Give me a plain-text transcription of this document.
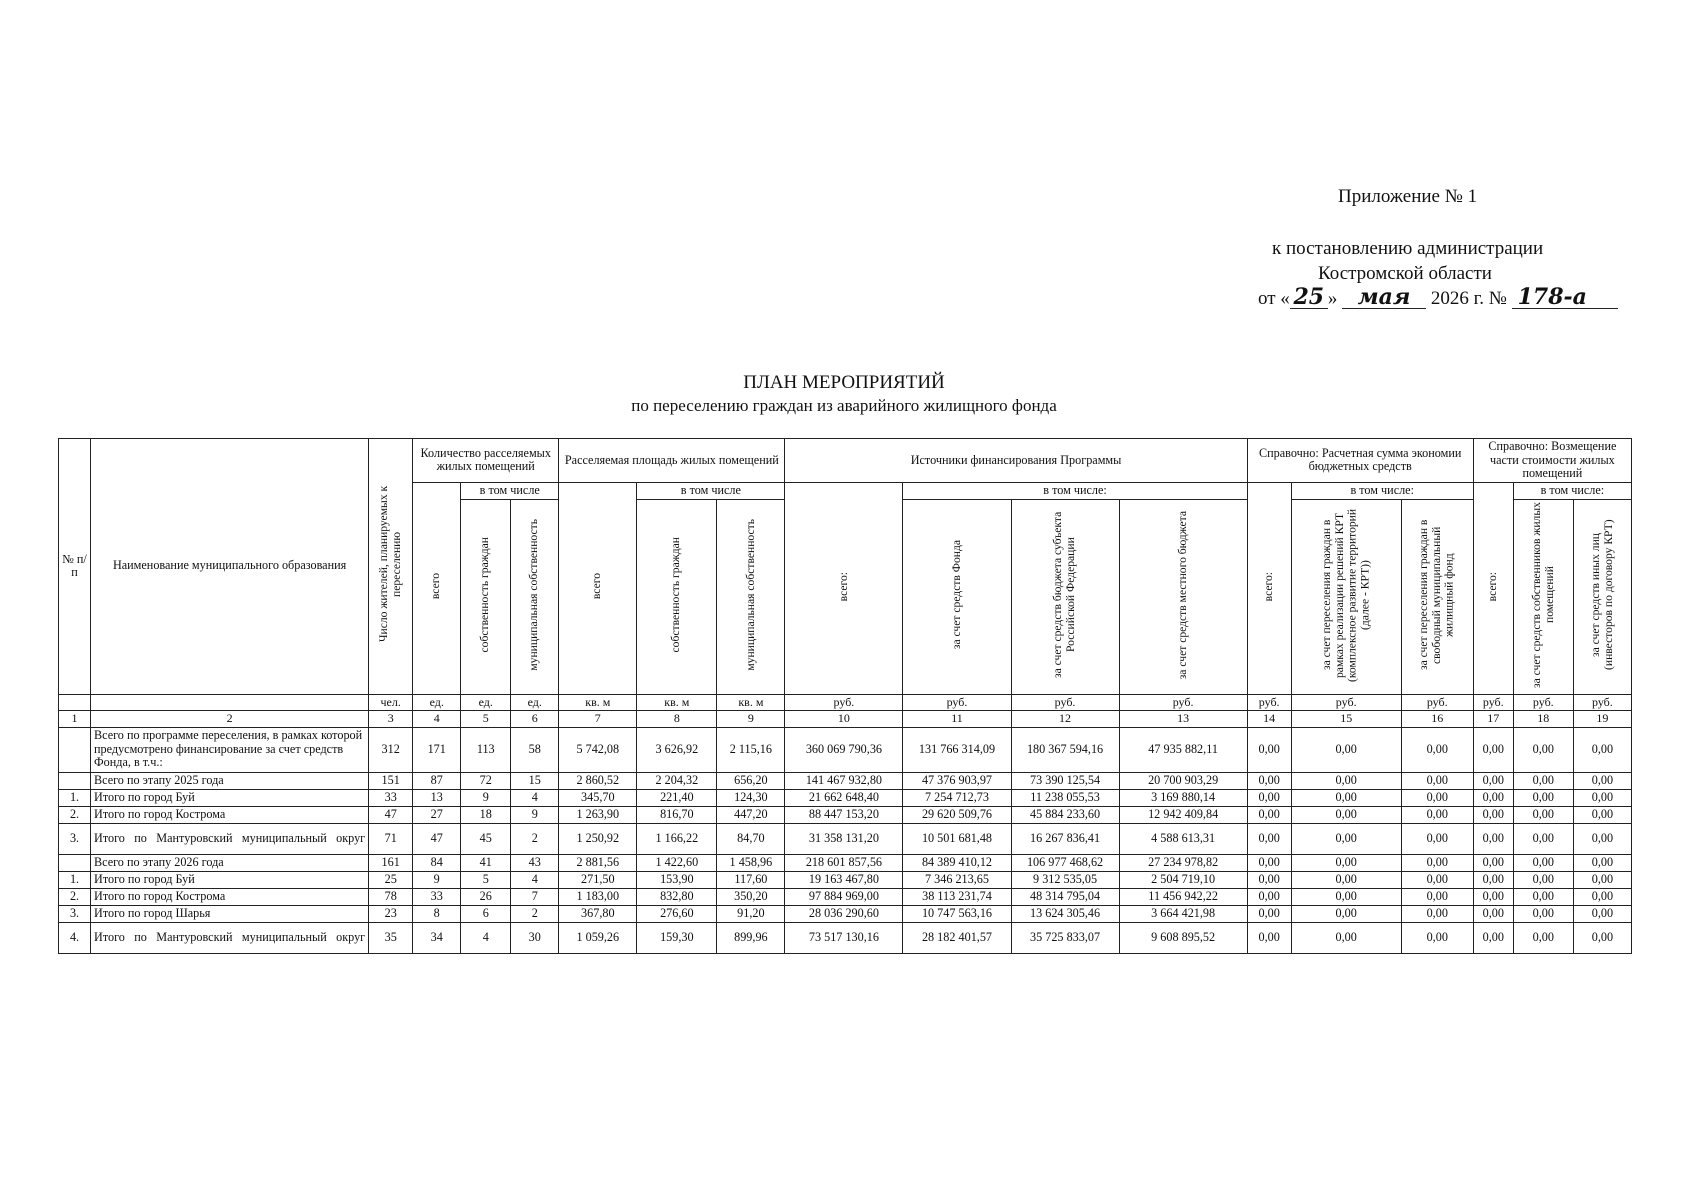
Приложение № 1
к постановлению администрации
Костромской области
от « 25 » мая 2026 г. № 178-а
ПЛАН МЕРОПРИЯТИЙ
по переселению граждан из аварийного жилищного фонда
№ п/п	Наименование муниципального образования	Число жителей, планируемых к переселению	Количество расселяемых жилых помещений			Расселяемая площадь жилых помещений			Источники финансирования Программы				Справочно: Расчетная сумма экономии бюджетных средств			Справочно: Возмещение части стоимости жилых помещений		
			всего	в том числе		всего	в том числе		всего:	в том числе:			всего:	в том числе:		всего:	в том числе:	
				собственность граждан	муниципальная собственность		собственность граждан	муниципальная собственность		за счет средств Фонда	за счет средств бюджета субъекта Российской Федерации	за счет средств местного бюджета		за счет переселения граждан в рамках реализации решений КРТ (комплексное развитие территорий (далее - КРТ))	за счет переселения граждан в свободный муниципальный жилищный фонд		за счет средств собственников жилых помещений	за счет средств иных лиц (инвесторов по договору КРТ)
		чел.	ед.	ед.	ед.	кв. м	кв. м	кв. м	руб.	руб.	руб.	руб.	руб.	руб.	руб.	руб.	руб.	руб.
1	2	3	4	5	6	7	8	9	10	11	12	13	14	15	16	17	18	19
	Всего по программе переселения, в рамках которой предусмотрено финансирование за счет средств Фонда, в т.ч.:	312	171	113	58	5 742,08	3 626,92	2 115,16	360 069 790,36	131 766 314,09	180 367 594,16	47 935 882,11	0,00	0,00	0,00	0,00	0,00	0,00
	Всего по этапу 2025 года	151	87	72	15	2 860,52	2 204,32	656,20	141 467 932,80	47 376 903,97	73 390 125,54	20 700 903,29	0,00	0,00	0,00	0,00	0,00	0,00
1.	Итого по город Буй	33	13	9	4	345,70	221,40	124,30	21 662 648,40	7 254 712,73	11 238 055,53	3 169 880,14	0,00	0,00	0,00	0,00	0,00	0,00
2.	Итого по город Кострома	47	27	18	9	1 263,90	816,70	447,20	88 447 153,20	29 620 509,76	45 884 233,60	12 942 409,84	0,00	0,00	0,00	0,00	0,00	0,00
3.	Итого по Мантуровский муниципальный округ	71	47	45	2	1 250,92	1 166,22	84,70	31 358 131,20	10 501 681,48	16 267 836,41	4 588 613,31	0,00	0,00	0,00	0,00	0,00	0,00
	Всего по этапу 2026 года	161	84	41	43	2 881,56	1 422,60	1 458,96	218 601 857,56	84 389 410,12	106 977 468,62	27 234 978,82	0,00	0,00	0,00	0,00	0,00	0,00
1.	Итого по город Буй	25	9	5	4	271,50	153,90	117,60	19 163 467,80	7 346 213,65	9 312 535,05	2 504 719,10	0,00	0,00	0,00	0,00	0,00	0,00
2.	Итого по город Кострома	78	33	26	7	1 183,00	832,80	350,20	97 884 969,00	38 113 231,74	48 314 795,04	11 456 942,22	0,00	0,00	0,00	0,00	0,00	0,00
3.	Итого по город Шарья	23	8	6	2	367,80	276,60	91,20	28 036 290,60	10 747 563,16	13 624 305,46	3 664 421,98	0,00	0,00	0,00	0,00	0,00	0,00
4.	Итого по Мантуровский муниципальный округ	35	34	4	30	1 059,26	159,30	899,96	73 517 130,16	28 182 401,57	35 725 833,07	9 608 895,52	0,00	0,00	0,00	0,00	0,00	0,00
